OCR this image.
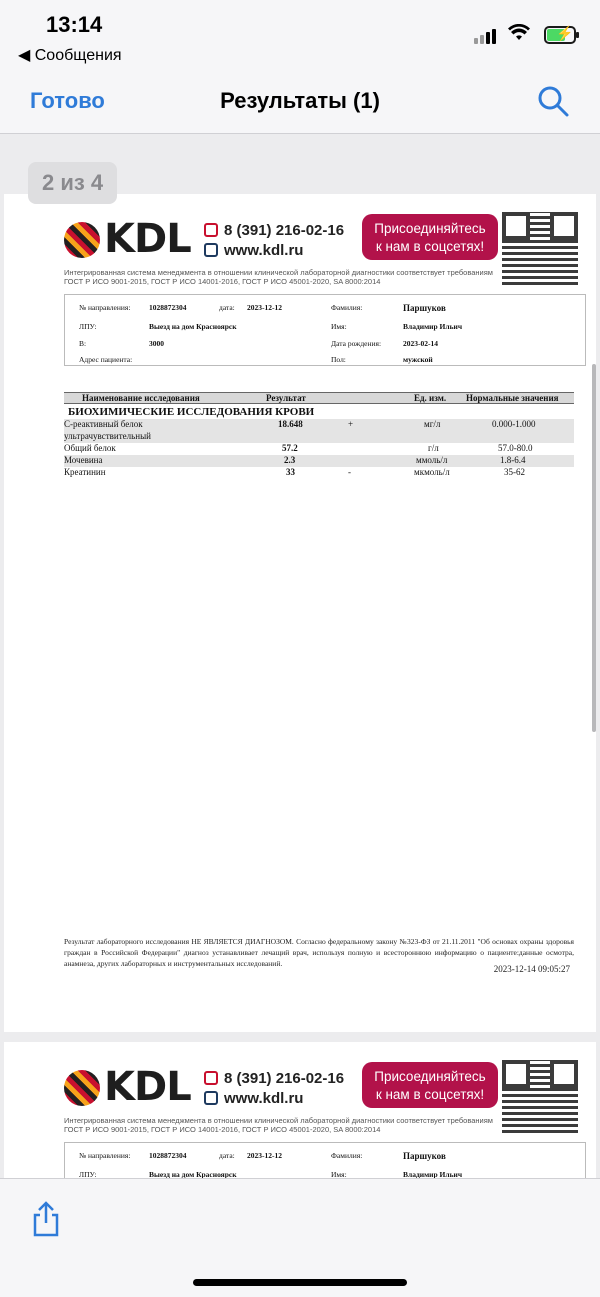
13:14
◀ Сообщения
⚡
Готово	Результаты (1)
KDL	8 (391) 216-02-16
www.kdl.ru
Присоединяйтесь
к нам в соцсетях!
Интегрированная система менеджмента в отношении клинической лабораторной диагностики соответствует требованиям ГОСТ Р ИСО 9001-2015, ГОСТ Р ИСО 14001-2016, ГОСТ Р ИСО 45001-2020, SA 8000:2014
№ направления: 1028872304	дата: 2023-12-12	Фамилия:	Паршуков
ЛПУ:	Выезд на дом Красноярск	Имя:	Владимир Ильич
В:	3000	Дата рождения:	2023-02-14
Адрес пациента:	Пол:	мужской
Наименование исследования	Результат	Ед. изм. Нормальные значения
БИОХИМИЧЕСКИЕ ИССЛЕДОВАНИЯ КРОВИ
С-реактивный белок
ультрачувствительный
18.648	+	мг/л	0.000-1.000
Общий белок	57.2	г/л	57.0-80.0
Мочевина	2.3	ммоль/л	1.8-6.4
Креатинин	33	-	мкмоль/л	35-62
Результат лабораторного исследования НЕ ЯВЛЯЕТСЯ ДИАГНОЗОМ. Согласно федеральному закону №323-ФЗ от 21.11.2011 "Об основах охраны здоровья граждан в Российской Федерации" диагноз устанавливает лечащий врач, используя полную и всестороннюю информацию о пациенте:данные осмотра, анамнеза, других лабораторных и инструментальных исследований.
2023-12-14 09:05:27
KDL	8 (391) 216-02-16
www.kdl.ru
Присоединяйтесь
к нам в соцсетях!
Интегрированная система менеджмента в отношении клинической лабораторной диагностики соответствует требованиям ГОСТ Р ИСО 9001-2015, ГОСТ Р ИСО 14001-2016, ГОСТ Р ИСО 45001-2020, SA 8000:2014
№ направления: 1028872304	дата: 2023-12-12	Фамилия:	Паршуков
ЛПУ:	Выезд на дом Красноярск	Имя:	Владимир Ильич
2 из 4
